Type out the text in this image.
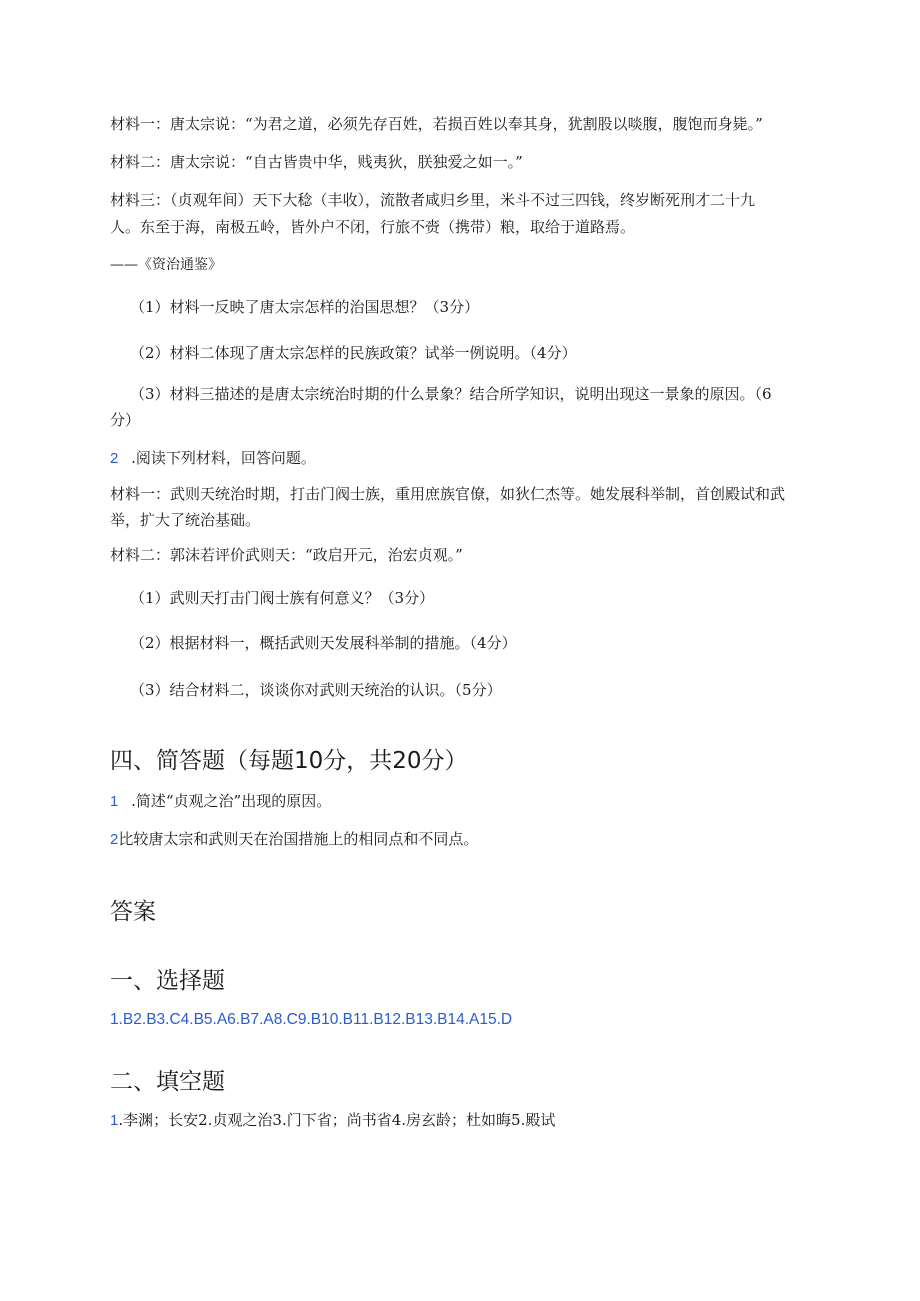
材料一：唐太宗说：“为君之道，必须先存百姓，若损百姓以奉其身，犹割股以啖腹，腹饱而身毙。”
材料二：唐太宗说：“自古皆贵中华，贱夷狄，朕独爱之如一。”
材料三：（贞观年间）天下大稔（丰收），流散者咸归乡里，米斗不过三四钱，终岁断死刑才二十九
人。东至于海，南极五岭，皆外户不闭，行旅不赍（携带）粮，取给于道路焉。
——《资治通鉴》
（1）材料一反映了唐太宗怎样的治国思想？（3分）
（2）材料二体现了唐太宗怎样的民族政策？试举一例说明。（4分）
（3）材料三描述的是唐太宗统治时期的什么景象？结合所学知识，说明出现这一景象的原因。（6
分）
2 .阅读下列材料，回答问题。
材料一：武则天统治时期，打击门阀士族，重用庶族官僚，如狄仁杰等。她发展科举制，首创殿试和武
举，扩大了统治基础。
材料二：郭沫若评价武则天：“政启开元，治宏贞观。”
（1）武则天打击门阀士族有何意义？（3分）
（2）根据材料一，概括武则天发展科举制的措施。（4分）
（3）结合材料二，谈谈你对武则天统治的认识。（5分）
四、简答题（每题10分，共20分）
1 .简述“贞观之治”出现的原因。
2比较唐太宗和武则天在治国措施上的相同点和不同点。
答案
一、选择题
1.B2.B3.C4.B5.A6.B7.A8.C9.B10.B11.B12.B13.B14.A15.D
二、填空题
1.李渊；长安2.贞观之治3.门下省；尚书省4.房玄龄；杜如晦5.殿试
